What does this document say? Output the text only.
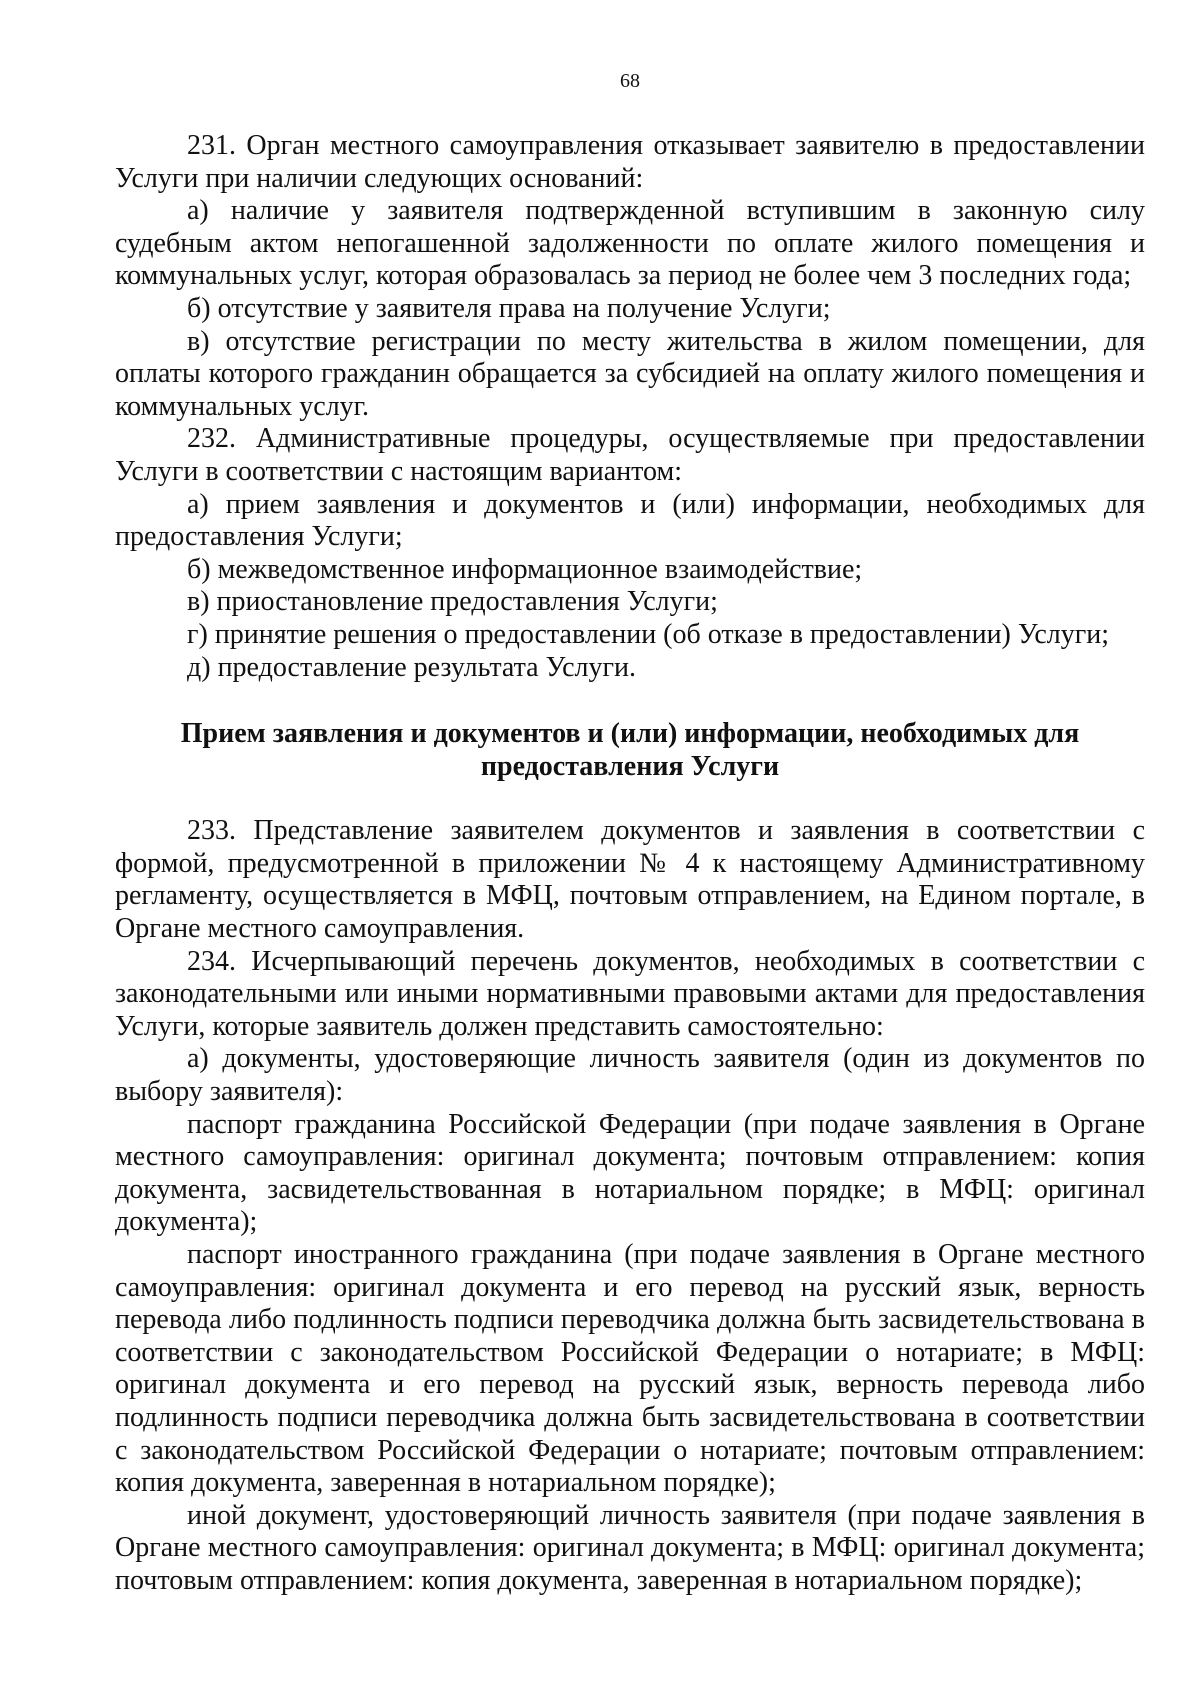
68

231. Орган местного самоуправления отказывает заявителю в предоставлении Услуги при наличии следующих оснований:

а) наличие у заявителя подтвержденной вступившим в законную силу судебным актом непогашенной задолженности по оплате жилого помещения и коммунальных услуг, которая образовалась за период не более чем 3 последних года;

б) отсутствие у заявителя права на получение Услуги;

в) отсутствие регистрации по месту жительства в жилом помещении, для оплаты которого гражданин обращается за субсидией на оплату жилого помещения и коммунальных услуг.

232. Административные процедуры, осуществляемые при предоставлении Услуги в соответствии с настоящим вариантом:

а) прием заявления и документов и (или) информации, необходимых для предоставления Услуги;

б) межведомственное информационное взаимодействие;

в) приостановление предоставления Услуги;

г) принятие решения о предоставлении (об отказе в предоставлении) Услуги;

д) предоставление результата Услуги.

Прием заявления и документов и (или) информации, необходимых для предоставления Услуги

233. Представление заявителем документов и заявления в соответствии с формой, предусмотренной в приложении № 4 к настоящему Административному регламенту, осуществляется в МФЦ, почтовым отправлением, на Едином портале, в Органе местного самоуправления.

234. Исчерпывающий перечень документов, необходимых в соответствии с законодательными или иными нормативными правовыми актами для предоставления Услуги, которые заявитель должен представить самостоятельно:

а) документы, удостоверяющие личность заявителя (один из документов по выбору заявителя):

паспорт гражданина Российской Федерации (при подаче заявления в Органе местного самоуправления: оригинал документа; почтовым отправлением: копия документа, засвидетельствованная в нотариальном порядке; в МФЦ: оригинал документа);

паспорт иностранного гражданина (при подаче заявления в Органе местного самоуправления: оригинал документа и его перевод на русский язык, верность перевода либо подлинность подписи переводчика должна быть засвидетельствована в соответствии с законодательством Российской Федерации о нотариате; в МФЦ: оригинал документа и его перевод на русский язык, верность перевода либо подлинность подписи переводчика должна быть засвидетельствована в соответствии с законодательством Российской Федерации о нотариате; почтовым отправлением: копия документа, заверенная в нотариальном порядке);

иной документ, удостоверяющий личность заявителя (при подаче заявления в Органе местного самоуправления: оригинал документа; в МФЦ: оригинал документа; почтовым отправлением: копия документа, заверенная в нотариальном порядке);
